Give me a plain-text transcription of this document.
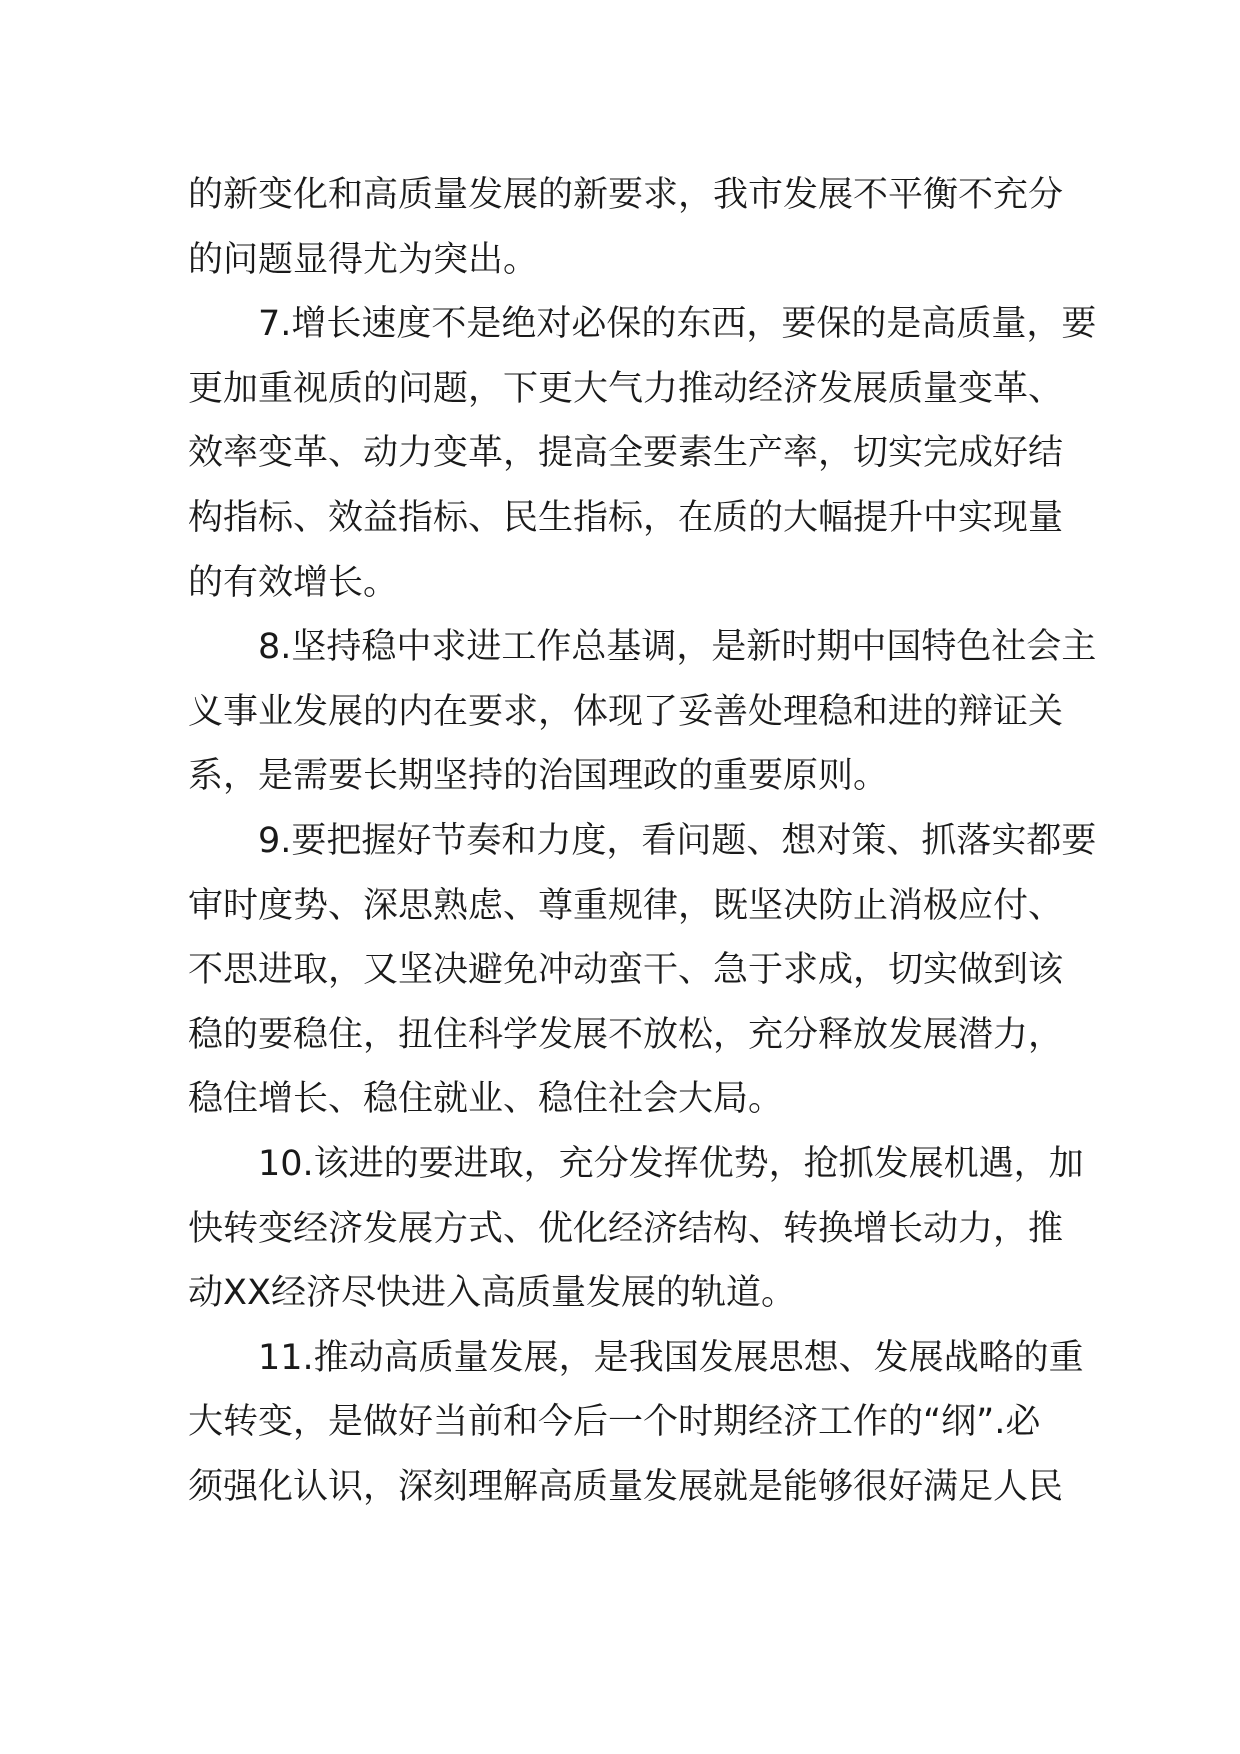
的新变化和高质量发展的新要求，我市发展不平衡不充分
的问题显得尤为突出。
7.增长速度不是绝对必保的东西，要保的是高质量，要
更加重视质的问题，下更大气力推动经济发展质量变革、
效率变革、动力变革，提高全要素生产率，切实完成好结
构指标、效益指标、民生指标，在质的大幅提升中实现量
的有效增长。
8.坚持稳中求进工作总基调，是新时期中国特色社会主
义事业发展的内在要求，体现了妥善处理稳和进的辩证关
系，是需要长期坚持的治国理政的重要原则。
9.要把握好节奏和力度，看问题、想对策、抓落实都要
审时度势、深思熟虑、尊重规律，既坚决防止消极应付、
不思进取，又坚决避免冲动蛮干、急于求成，切实做到该
稳的要稳住，扭住科学发展不放松，充分释放发展潜力，
稳住增长、稳住就业、稳住社会大局。
10.该进的要进取，充分发挥优势，抢抓发展机遇，加
快转变经济发展方式、优化经济结构、转换增长动力，推
动XX经济尽快进入高质量发展的轨道。
11.推动高质量发展，是我国发展思想、发展战略的重
大转变，是做好当前和今后一个时期经济工作的“纲”.必
须强化认识，深刻理解高质量发展就是能够很好满足人民
